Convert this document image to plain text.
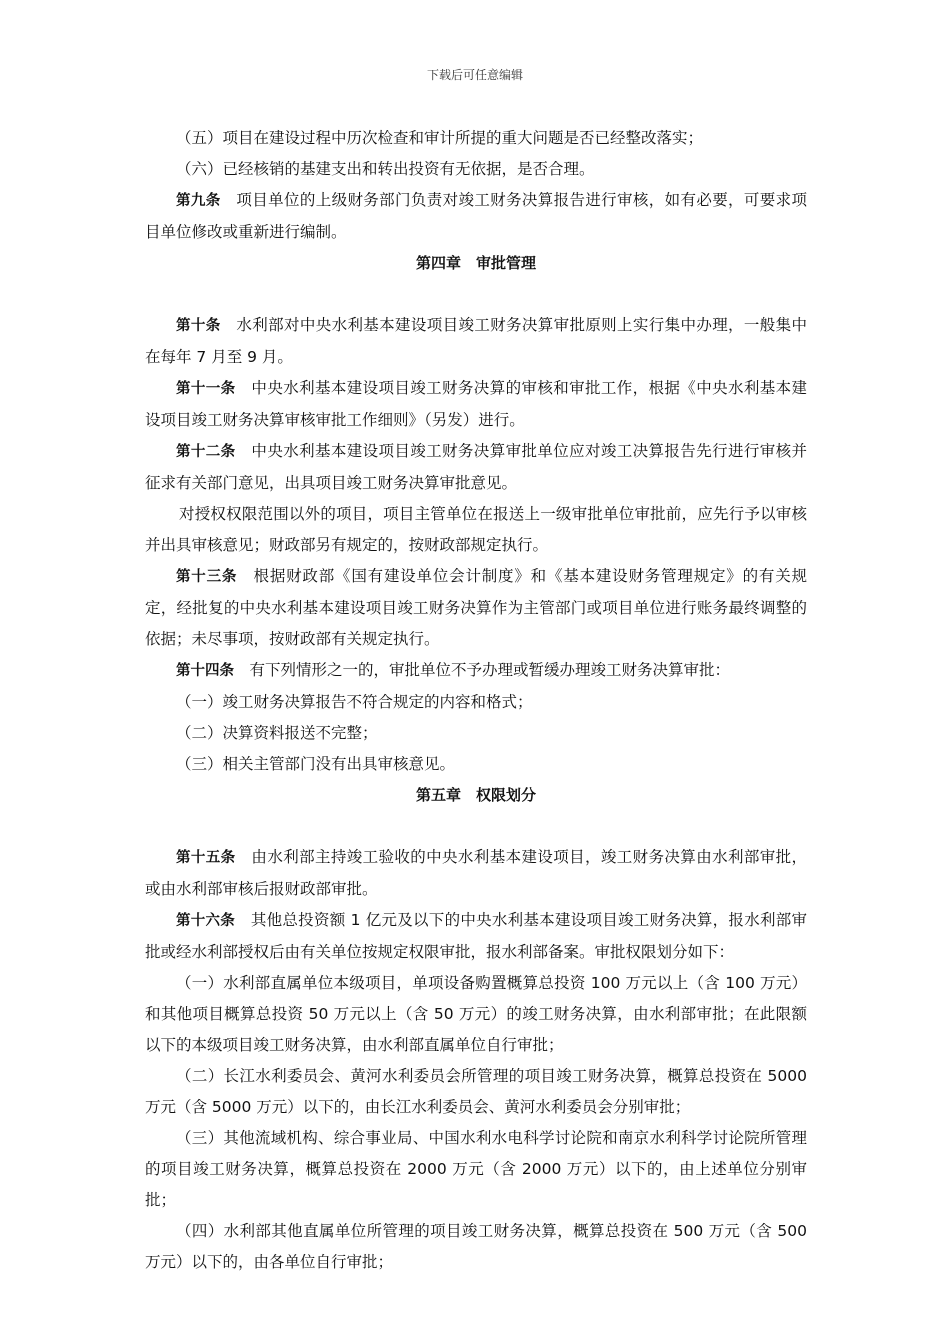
下载后可任意编辑

（五）项目在建设过程中历次检查和审计所提的重大问题是否已经整改落实；

（六）已经核销的基建支出和转出投资有无依据，是否合理。

第九条　项目单位的上级财务部门负责对竣工财务决算报告进行审核，如有必要，可要求项目单位修改或重新进行编制。

第四章　审批管理

第十条　水利部对中央水利基本建设项目竣工财务决算审批原则上实行集中办理，一般集中在每年 7 月至 9 月。

第十一条　中央水利基本建设项目竣工财务决算的审核和审批工作，根据《中央水利基本建设项目竣工财务决算审核审批工作细则》（另发）进行。

第十二条　中央水利基本建设项目竣工财务决算审批单位应对竣工决算报告先行进行审核并征求有关部门意见，出具项目竣工财务决算审批意见。

对授权权限范围以外的项目，项目主管单位在报送上一级审批单位审批前，应先行予以审核并出具审核意见；财政部另有规定的，按财政部规定执行。

第十三条　根据财政部《国有建设单位会计制度》和《基本建设财务管理规定》的有关规定，经批复的中央水利基本建设项目竣工财务决算作为主管部门或项目单位进行账务最终调整的依据；未尽事项，按财政部有关规定执行。

第十四条　有下列情形之一的，审批单位不予办理或暂缓办理竣工财务决算审批：

（一）竣工财务决算报告不符合规定的内容和格式；

（二）决算资料报送不完整；

（三）相关主管部门没有出具审核意见。

第五章　权限划分

第十五条　由水利部主持竣工验收的中央水利基本建设项目，竣工财务决算由水利部审批，或由水利部审核后报财政部审批。

第十六条　其他总投资额 1 亿元及以下的中央水利基本建设项目竣工财务决算，报水利部审批或经水利部授权后由有关单位按规定权限审批，报水利部备案。审批权限划分如下：

（一）水利部直属单位本级项目，单项设备购置概算总投资 100 万元以上（含 100 万元）和其他项目概算总投资 50 万元以上（含 50 万元）的竣工财务决算，由水利部审批；在此限额以下的本级项目竣工财务决算，由水利部直属单位自行审批；

（二）长江水利委员会、黄河水利委员会所管理的项目竣工财务决算，概算总投资在 5000 万元（含 5000 万元）以下的，由长江水利委员会、黄河水利委员会分别审批；

（三）其他流域机构、综合事业局、中国水利水电科学讨论院和南京水利科学讨论院所管理的项目竣工财务决算，概算总投资在 2000 万元（含 2000 万元）以下的，由上述单位分别审批；

（四）水利部其他直属单位所管理的项目竣工财务决算，概算总投资在 500 万元（含 500 万元）以下的，由各单位自行审批；
